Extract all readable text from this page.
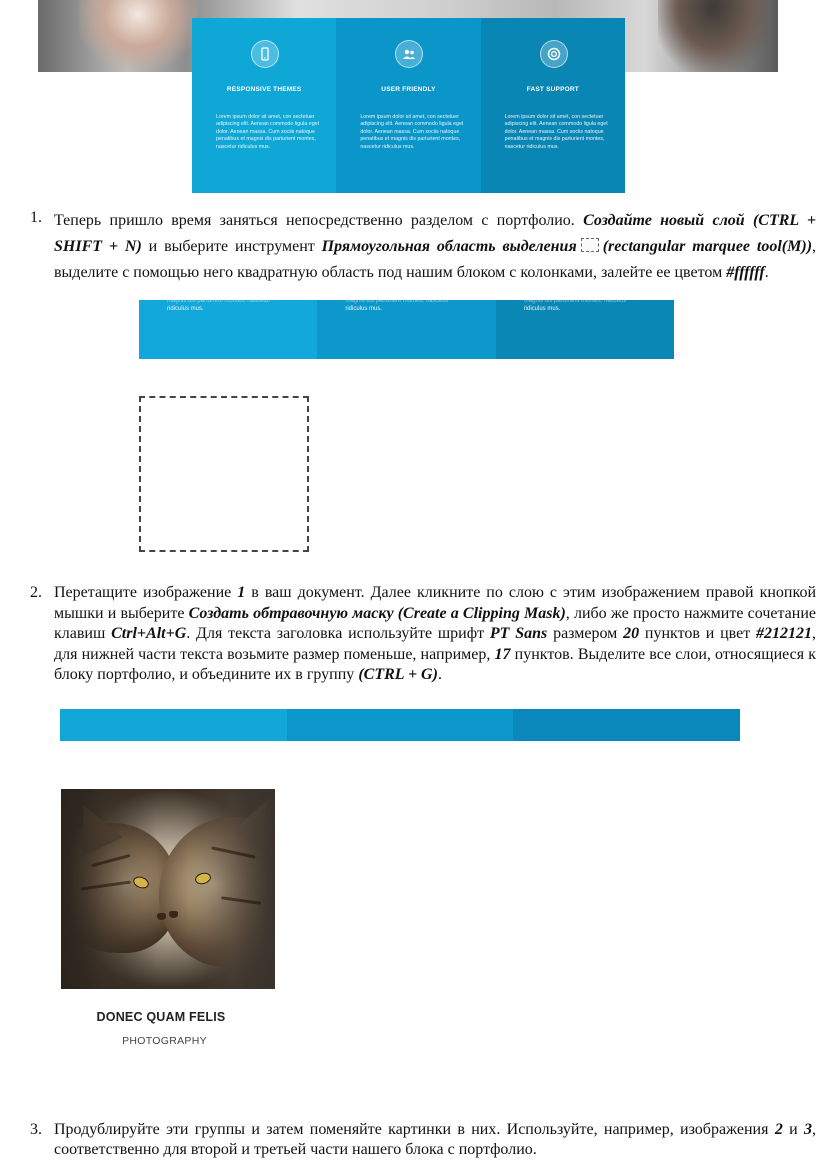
RESPONSIVE THEMES
Lorem ipsum dolor sit amet, con sectetuer adipiscing elit. Aenean commodo ligula eget dolor. Aenean massa. Cum sociis natoque penatibus et magnis dis parturient montes, nascetur ridiculus mus.
USER FRIENDLY
Lorem ipsum dolor sit amet, con sectetuer adipiscing elit. Aenean commodo ligula eget dolor. Aenean massa. Cum sociis natoque penatibus et magnis dis parturient montes, nascetur ridiculus mus.
FAST SUPPORT
Lorem ipsum dolor sit amet, con sectetuer adipiscing elit. Aenean commodo ligula eget dolor. Aenean massa. Cum sociis natoque penatibus et magnis dis parturient montes, nascetur ridiculus mus.
1. Теперь пришло время заняться непосредственно разделом с портфолио. Создайте новый слой (CTRL + SHIFT + N) и выберите инструмент Прямоугольная область выделения (rectangular marquee tool(M)), выделите с помощью него квадратную область под нашим блоком с колонками, залейте ее цветом #ffffff.
ridiculus mus.
magnis dis parturient montes, nascetur
ridiculus mus.
magnis dis parturient montes, nascetur
ridiculus mus.
magnis dis parturient montes, nascetur
2. Перетащите изображение 1 в ваш документ. Далее кликните по слою с этим изображением правой кнопкой мышки и выберите Создать обтравочную маску (Create a Clipping Mask), либо же просто нажмите сочетание клавиш Ctrl+Alt+G. Для текста заголовка используйте шрифт PT Sans размером 20 пунктов и цвет #212121, для нижней части текста возьмите размер поменьше, например, 17 пунктов. Выделите все слои, относящиеся к блоку портфолио, и объедините их в группу (CTRL + G).
DONEC QUAM FELIS
PHOTOGRAPHY
3. Продублируйте эти группы и затем поменяйте картинки в них. Используйте, например, изображения 2 и 3, соответственно для второй и третьей части нашего блока с портфолио.
